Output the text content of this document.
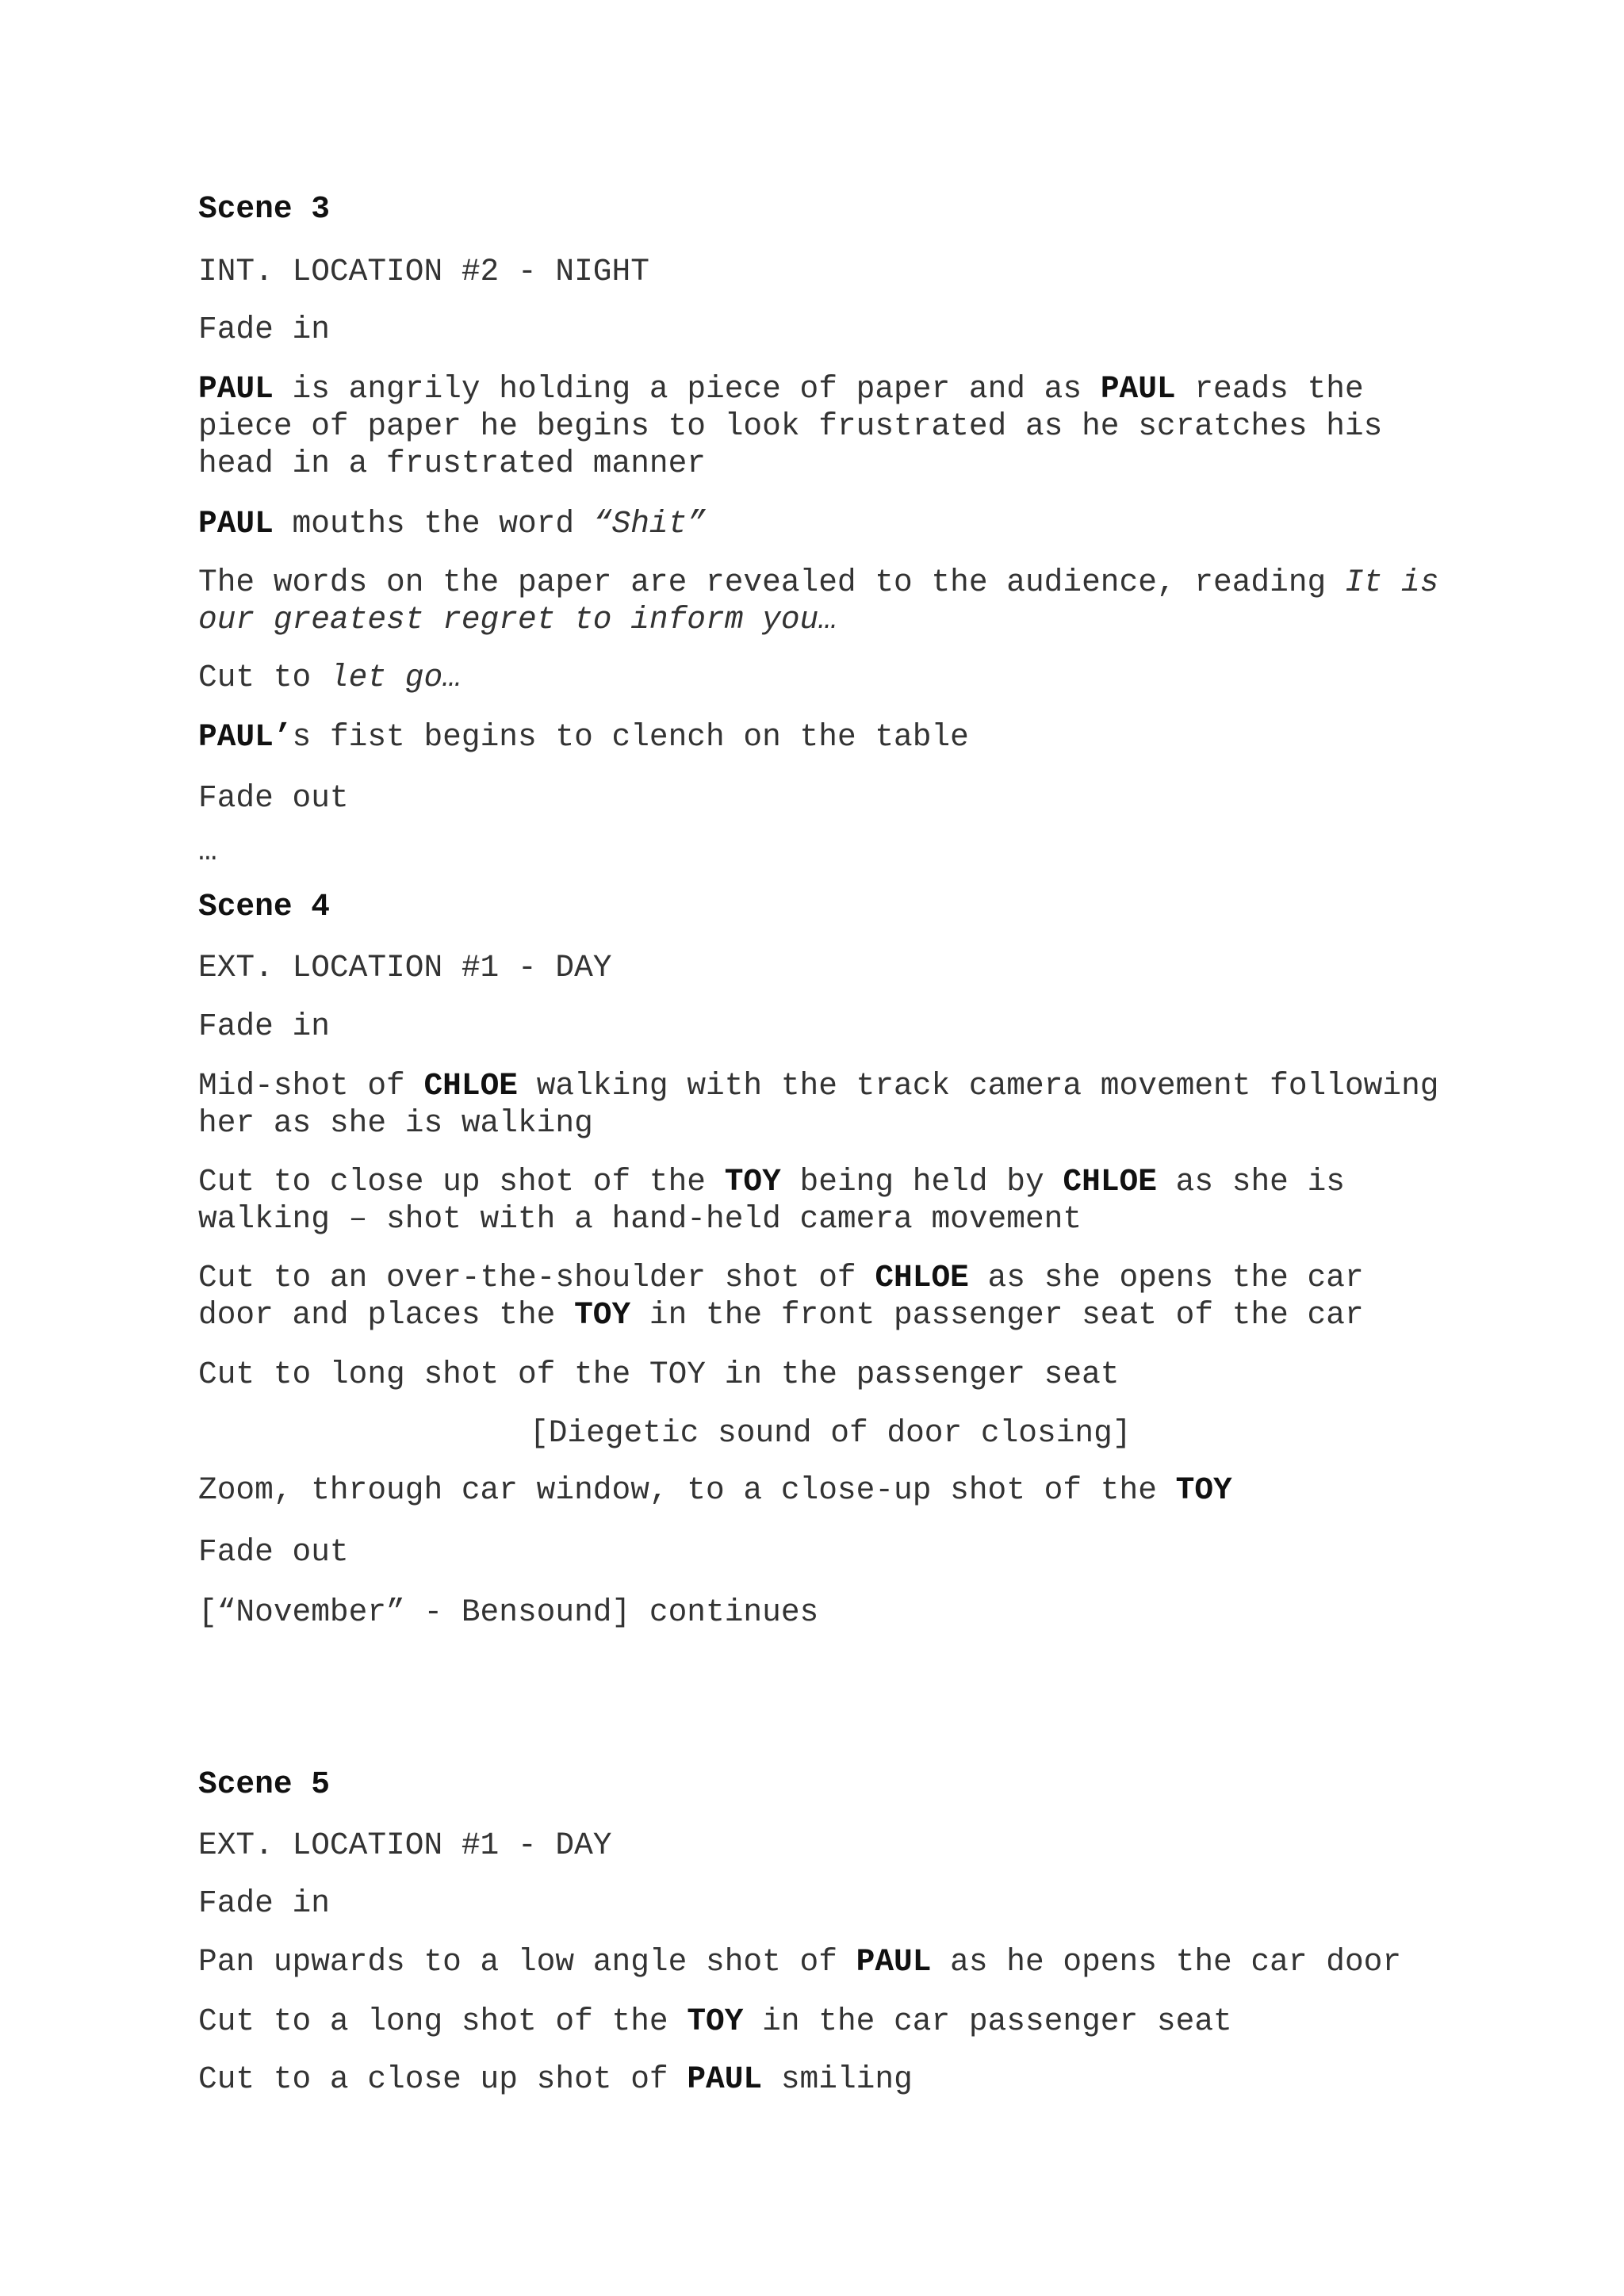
Scene 3

INT. LOCATION #2 - NIGHT

Fade in

PAUL is angrily holding a piece of paper and as PAUL reads the piece of paper he begins to look frustrated as he scratches his head in a frustrated manner

PAUL mouths the word “Shit”

The words on the paper are revealed to the audience, reading It is our greatest regret to inform you…

Cut to let go…

PAUL’s fist begins to clench on the table

Fade out

…

Scene 4

EXT. LOCATION #1 - DAY

Fade in

Mid-shot of CHLOE walking with the track camera movement following her as she is walking

Cut to close up shot of the TOY being held by CHLOE as she is walking – shot with a hand-held camera movement

Cut to an over-the-shoulder shot of CHLOE as she opens the car door and places the TOY in the front passenger seat of the car

Cut to long shot of the TOY in the passenger seat

[Diegetic sound of door closing]

Zoom, through car window, to a close-up shot of the TOY

Fade out

[“November” - Bensound] continues

Scene 5

EXT. LOCATION #1 - DAY

Fade in

Pan upwards to a low angle shot of PAUL as he opens the car door

Cut to a long shot of the TOY in the car passenger seat

Cut to a close up shot of PAUL smiling
